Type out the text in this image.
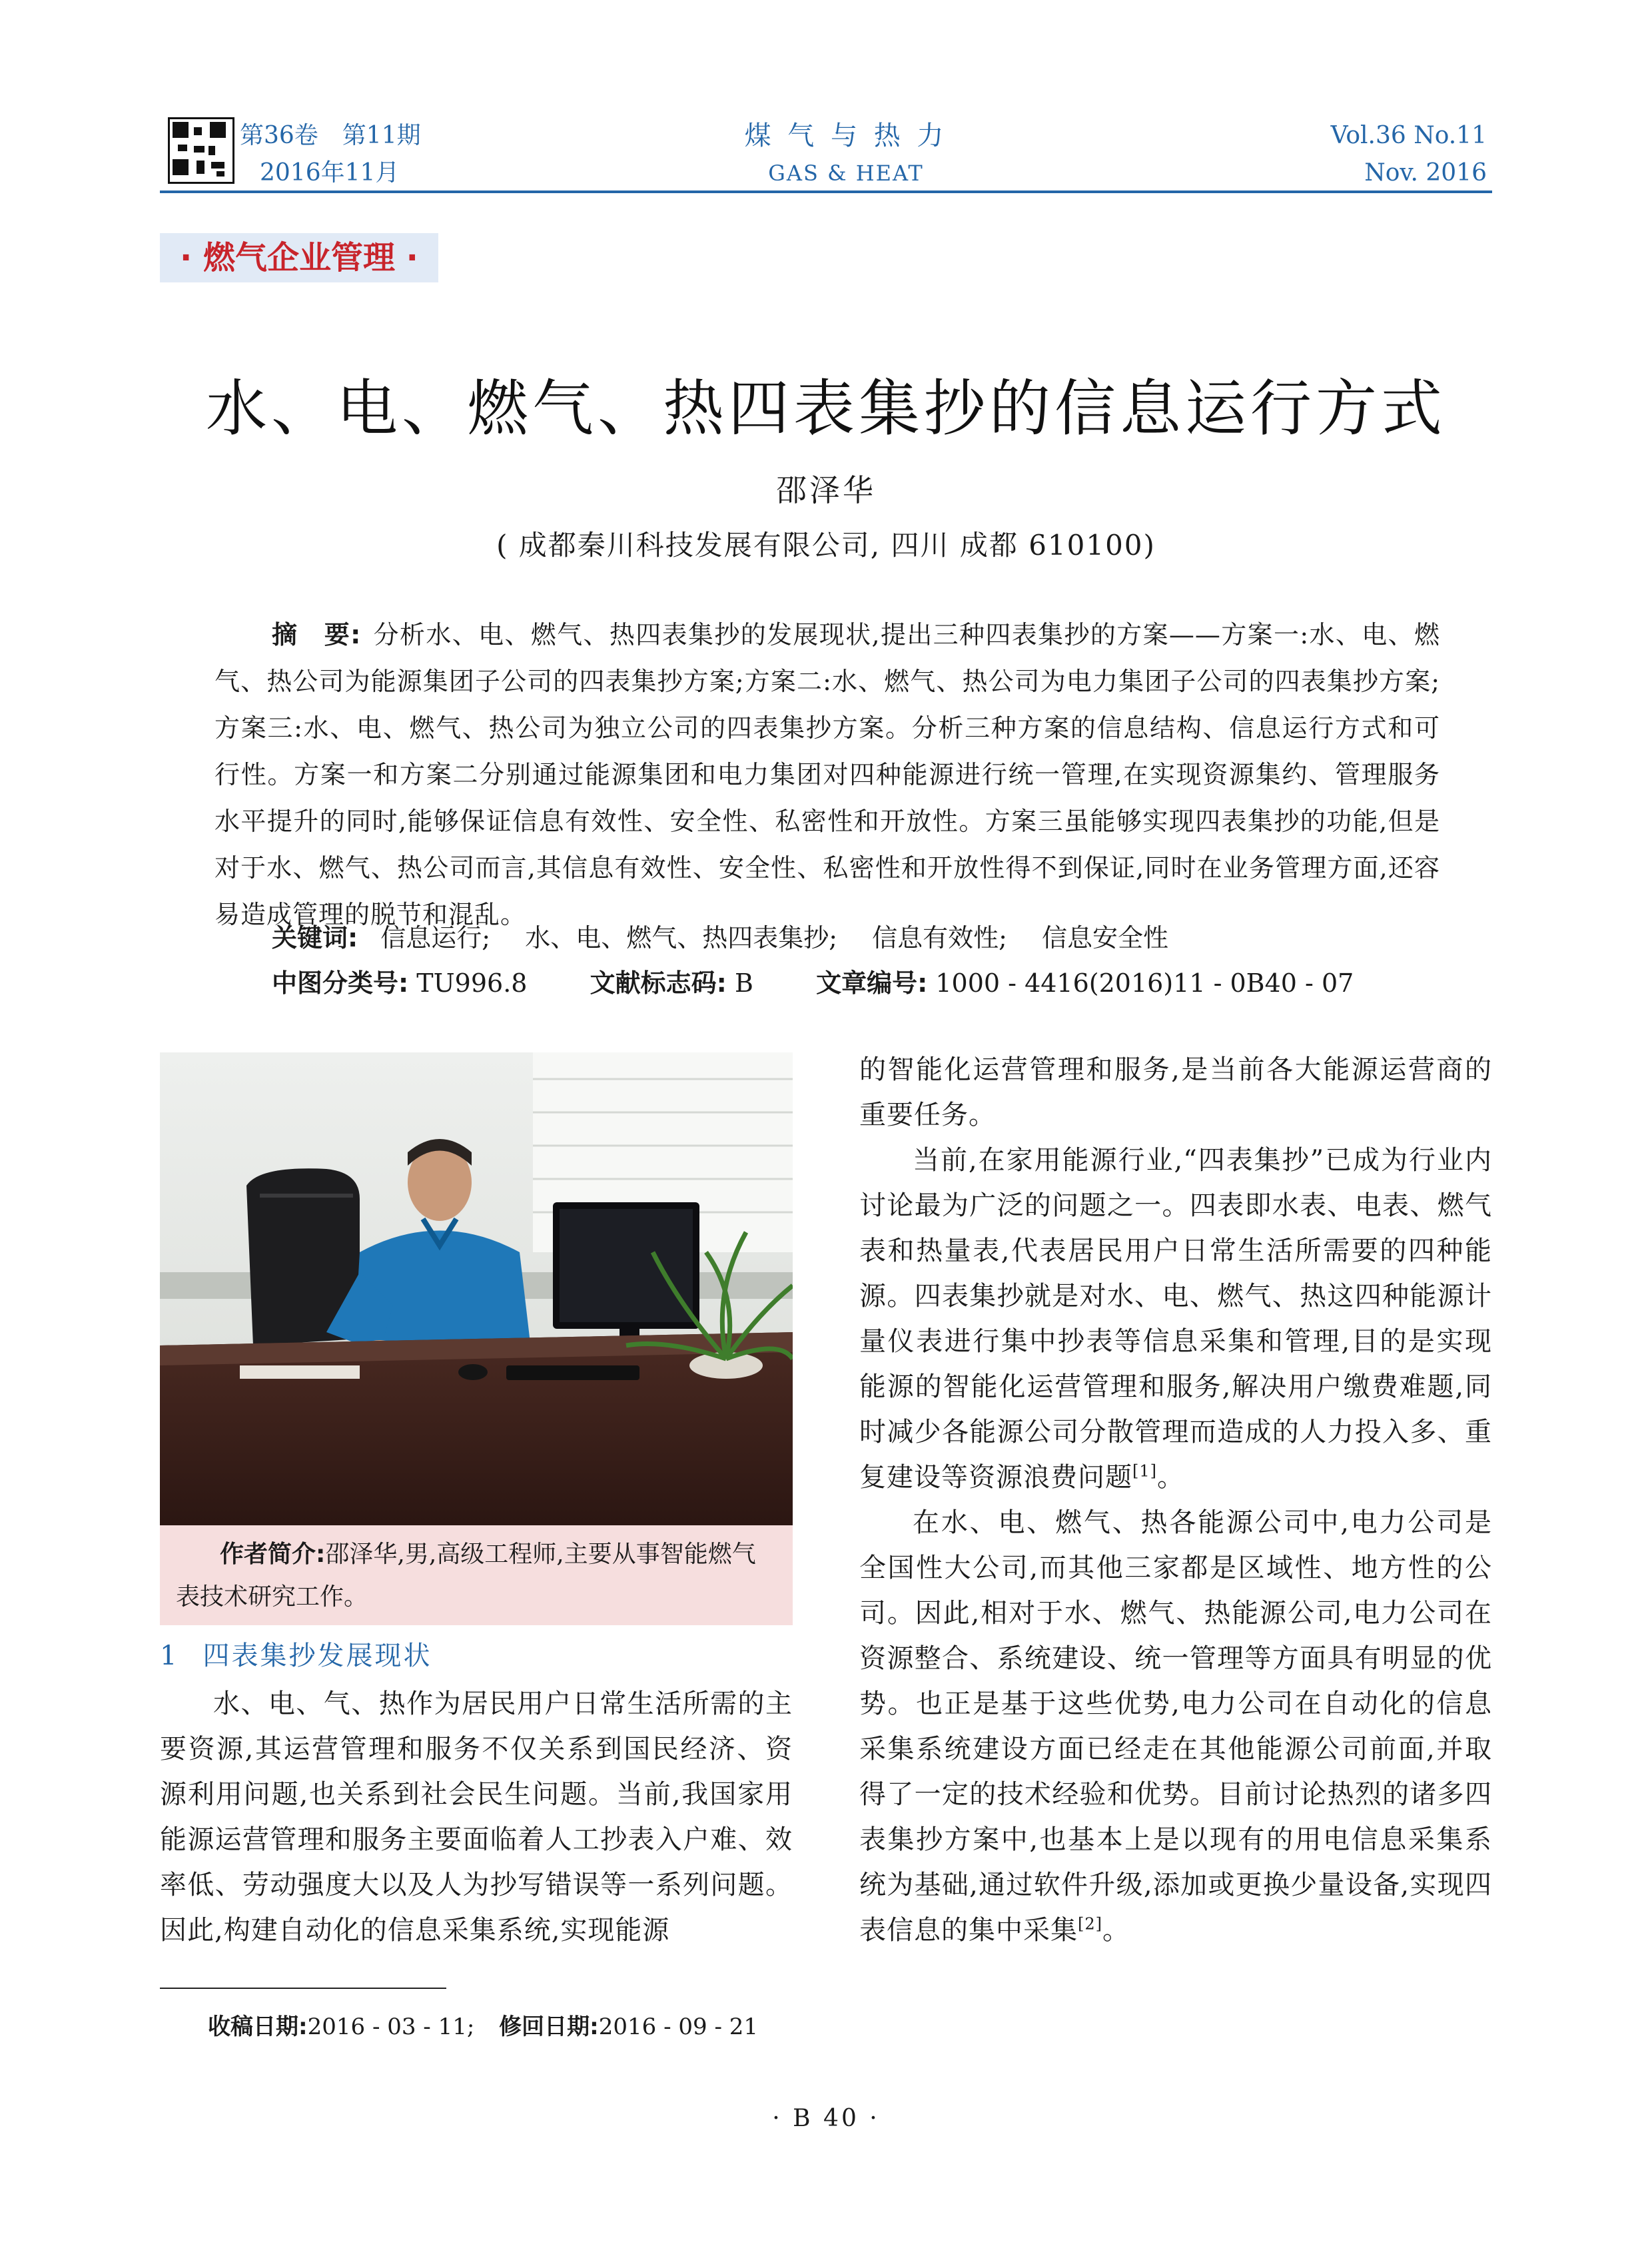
第36卷　第11期
2016年11月
煤 气 与 热 力
GAS & HEAT
Vol.36 No.11
Nov. 2016
· 燃气企业管理 ·
水、电、燃气、热四表集抄的信息运行方式
邵泽华
( 成都秦川科技发展有限公司, 四川 成都 610100)
摘　要: 分析水、电、燃气、热四表集抄的发展现状,提出三种四表集抄的方案——方案一:水、电、燃气、热公司为能源集团子公司的四表集抄方案;方案二:水、燃气、热公司为电力集团子公司的四表集抄方案;方案三:水、电、燃气、热公司为独立公司的四表集抄方案。分析三种方案的信息结构、信息运行方式和可行性。方案一和方案二分别通过能源集团和电力集团对四种能源进行统一管理,在实现资源集约、管理服务水平提升的同时,能够保证信息有效性、安全性、私密性和开放性。方案三虽能够实现四表集抄的功能,但是对于水、燃气、热公司而言,其信息有效性、安全性、私密性和开放性得不到保证,同时在业务管理方面,还容易造成管理的脱节和混乱。
关键词: 信息运行; 水、电、燃气、热四表集抄; 信息有效性; 信息安全性
中图分类号: TU996.8 文献标志码: B 文章编号: 1000 - 4416(2016)11 - 0B40 - 07
作者简介:邵泽华,男,高级工程师,主要从事智能燃气表技术研究工作。
1 四表集抄发展现状

水、电、气、热作为居民用户日常生活所需的主要资源,其运营管理和服务不仅关系到国民经济、资源利用问题,也关系到社会民生问题。当前,我国家用能源运营管理和服务主要面临着人工抄表入户难、效率低、劳动强度大以及人为抄写错误等一系列问题。因此,构建自动化的信息采集系统,实现能源

的智能化运营管理和服务,是当前各大能源运营商的重要任务。

当前,在家用能源行业,“四表集抄”已成为行业内讨论最为广泛的问题之一。四表即水表、电表、燃气表和热量表,代表居民用户日常生活所需要的四种能源。四表集抄就是对水、电、燃气、热这四种能源计量仪表进行集中抄表等信息采集和管理,目的是实现能源的智能化运营管理和服务,解决用户缴费难题,同时减少各能源公司分散管理而造成的人力投入多、重复建设等资源浪费问题[1]。

在水、电、燃气、热各能源公司中,电力公司是全国性大公司,而其他三家都是区域性、地方性的公司。因此,相对于水、燃气、热能源公司,电力公司在资源整合、系统建设、统一管理等方面具有明显的优势。也正是基于这些优势,电力公司在自动化的信息采集系统建设方面已经走在其他能源公司前面,并取得了一定的技术经验和优势。目前讨论热烈的诸多四表集抄方案中,也基本上是以现有的用电信息采集系统为基础,通过软件升级,添加或更换少量设备,实现四表信息的集中采集[2]。

收稿日期:2016 - 03 - 11; 修回日期:2016 - 09 - 21
· B 40 ·
